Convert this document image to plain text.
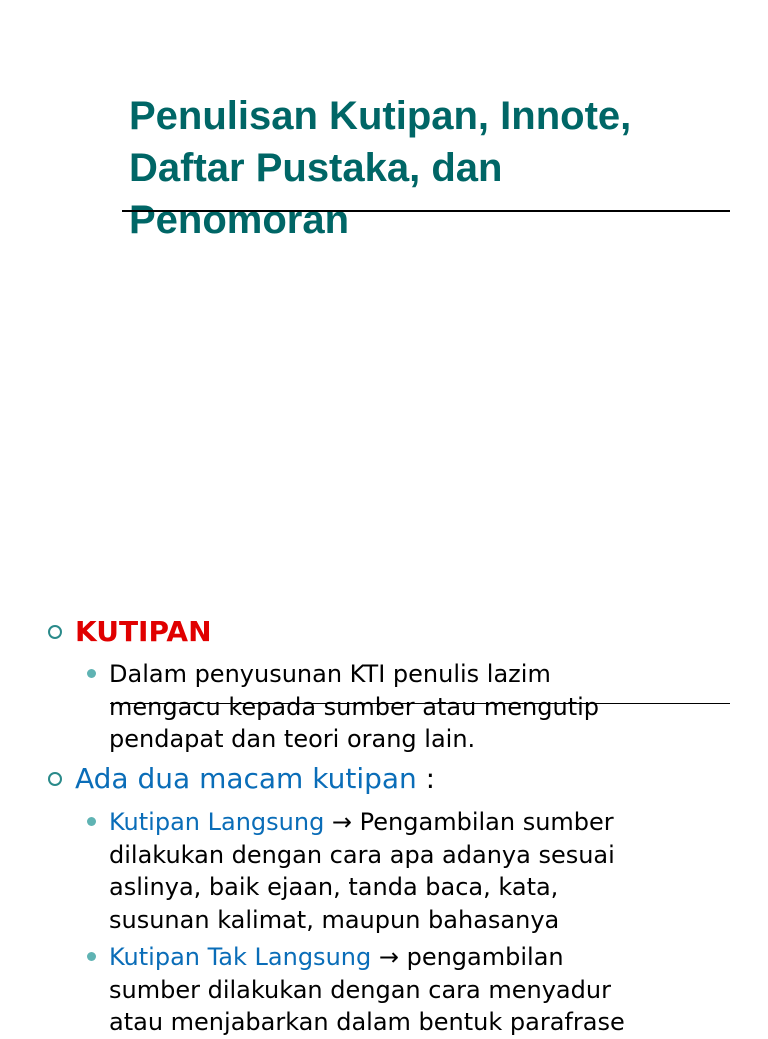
Penulisan Kutipan, Innote,
Daftar Pustaka, dan
Penomoran
KUTIPAN

Dalam penyusunan KTI penulis lazim
mengacu kepada sumber atau mengutip
pendapat dan teori orang lain.

Ada dua macam kutipan :

Kutipan Langsung → Pengambilan sumber
dilakukan dengan cara apa adanya sesuai
aslinya, baik ejaan, tanda baca, kata,
susunan kalimat, maupun bahasanya

Kutipan Tak Langsung → pengambilan
sumber dilakukan dengan cara menyadur
atau menjabarkan dalam bentuk parafrase
